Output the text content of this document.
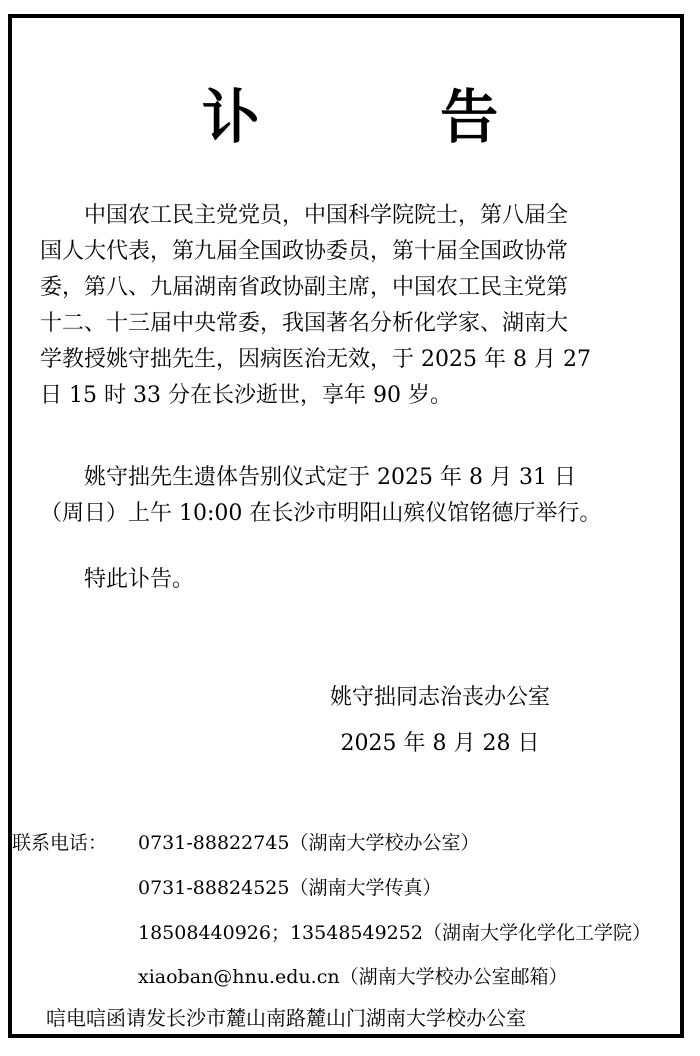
讣 告
中国农工民主党党员，中国科学院院士，第八届全
国人大代表，第九届全国政协委员，第十届全国政协常
委，第八、九届湖南省政协副主席，中国农工民主党第
十二、十三届中央常委，我国著名分析化学家、湖南大
学教授姚守拙先生，因病医治无效，于 2025 年 8 月 27
日 15 时 33 分在长沙逝世，享年 90 岁。
姚守拙先生遗体告别仪式定于 2025 年 8 月 31 日
（周日）上午 10:00 在长沙市明阳山殡仪馆铭德厅举行。
特此讣告。
姚守拙同志治丧办公室
2025 年 8 月 28 日
联系电话： 0731-88822745（湖南大学校办公室）
0731-88824525（湖南大学传真）
18508440926；13548549252（湖南大学化学化工学院）
xiaoban@hnu.edu.cn（湖南大学校办公室邮箱）
唁电唁函请发长沙市麓山南路麓山门湖南大学校办公室
